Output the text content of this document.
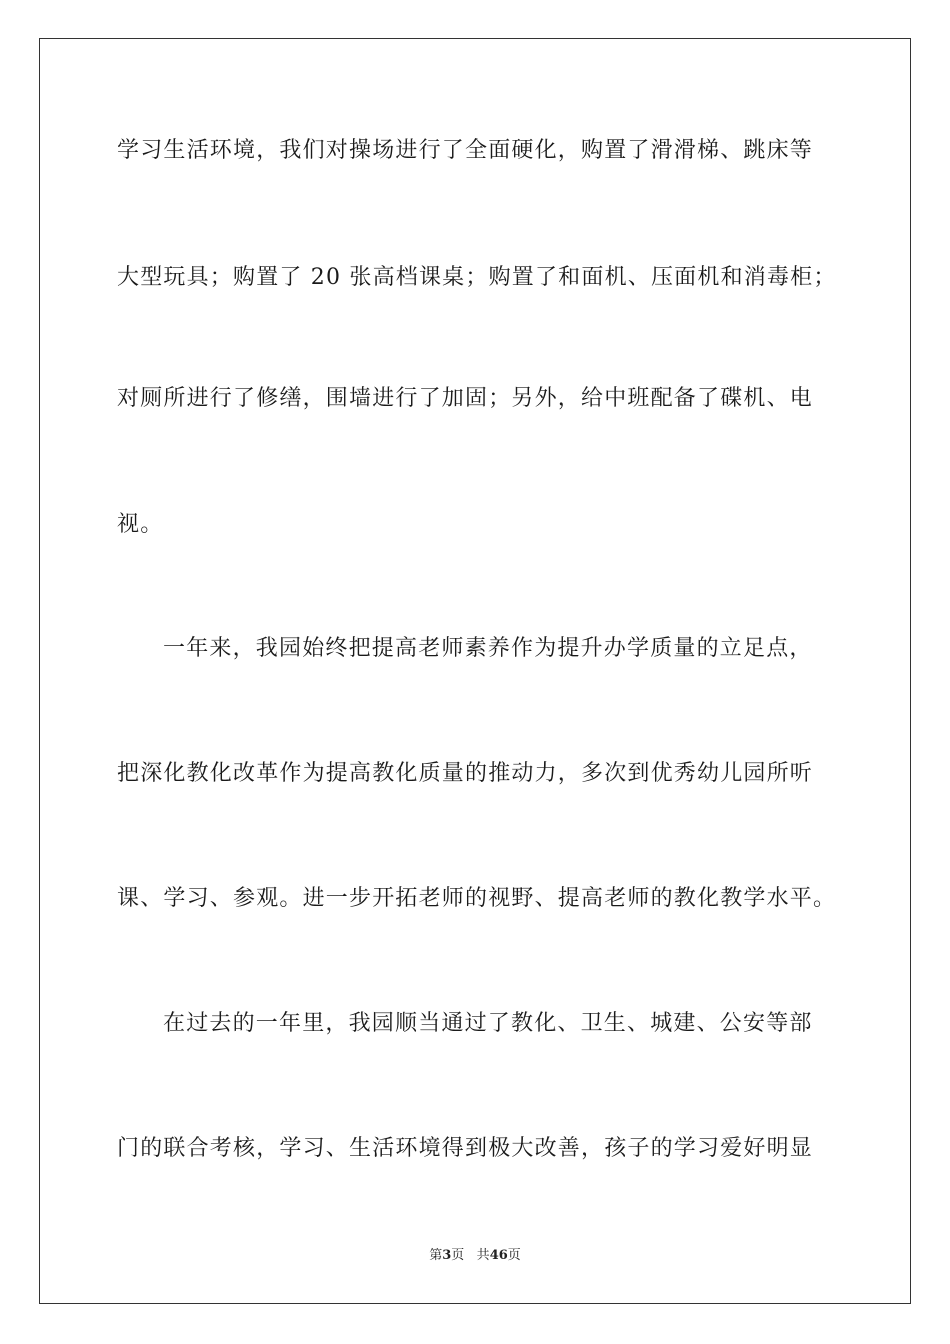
学习生活环境，我们对操场进行了全面硬化，购置了滑滑梯、跳床等
大型玩具；购置了 20 张高档课桌；购置了和面机、压面机和消毒柜；
对厕所进行了修缮，围墙进行了加固；另外，给中班配备了碟机、电
视。
一年来，我园始终把提高老师素养作为提升办学质量的立足点，
把深化教化改革作为提高教化质量的推动力，多次到优秀幼儿园所听
课、学习、参观。进一步开拓老师的视野、提高老师的教化教学水平。
在过去的一年里，我园顺当通过了教化、卫生、城建、公安等部
门的联合考核，学习、生活环境得到极大改善，孩子的学习爱好明显
第3页 共46页
